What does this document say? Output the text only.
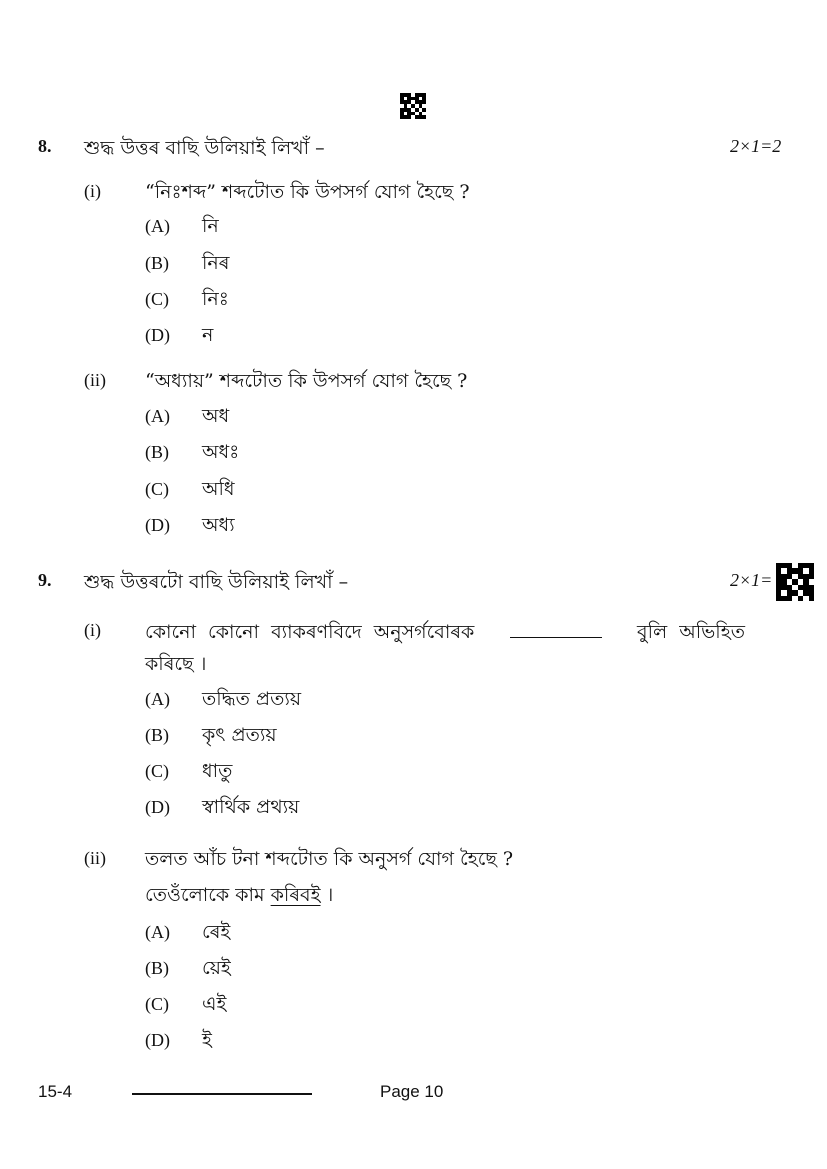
8. শুদ্ধ উত্তৰ বাছি উলিয়াই লিখাঁ –	2×1=2
(i) “নিঃশব্দ” শব্দটোত কি উপসর্গ যোগ হৈছে ?
(A) নি
(B) নিৰ
(C) নিঃ
(D) ন
(ii) “অধ্যায়” শব্দটোত কি উপসর্গ যোগ হৈছে ?
(A) অধ
(B) অধঃ
(C) অধি
(D) অধ্য
9. শুদ্ধ উত্তৰটো বাছি উলিয়াই লিখাঁ –	2×1=
(i) কোনো কোনো ব্যাকৰণবিদে অনুসর্গবোৰক	বুলি অভিহিত
কৰিছে ।
(A) তদ্ধিত প্ৰত্যয়
(B) কৃৎ প্ৰত্যয়
(C) ধাতু
(D) স্বাৰ্থিক প্ৰথ্যয়
(ii) তলত আঁচ টনা শব্দটোত কি অনুসর্গ যোগ হৈছে ?
তেওঁলোকে কাম কৰিবই ।
(A) ৰেই
(B) য়েই
(C) এই
(D) ই
15-4	Page 10
